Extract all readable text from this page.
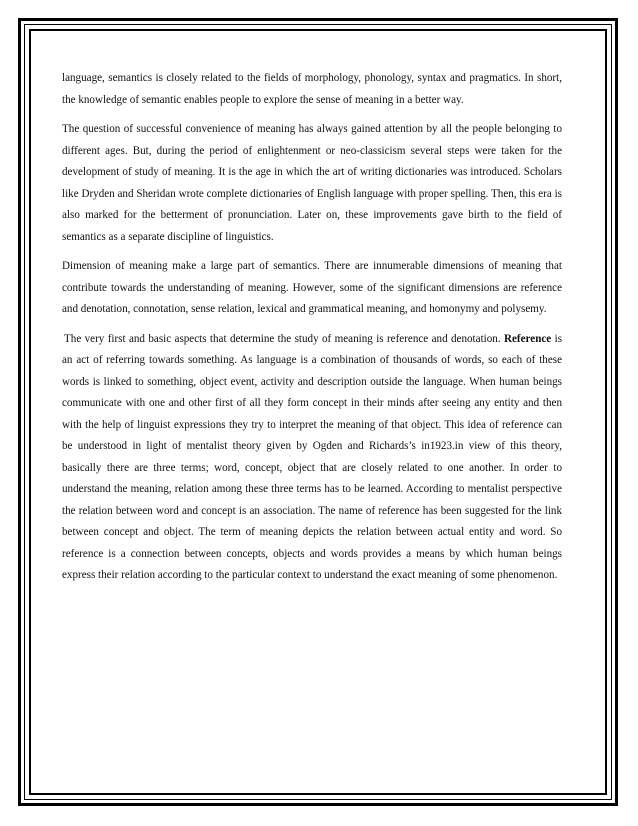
language, semantics is closely related to the fields of morphology, phonology, syntax and pragmatics. In short, the knowledge of semantic enables people to explore the sense of meaning in a better way.

The question of successful convenience of meaning has always gained attention by all the people belonging to different ages. But, during the period of enlightenment or neo-classicism several steps were taken for the development of study of meaning. It is the age in which the art of writing dictionaries was introduced. Scholars like Dryden and Sheridan wrote complete dictionaries of English language with proper spelling. Then, this era is also marked for the betterment of pronunciation. Later on, these improvements gave birth to the field of semantics as a separate discipline of linguistics.

Dimension of meaning make a large part of semantics. There are innumerable dimensions of meaning that contribute towards the understanding of meaning. However, some of the significant dimensions are reference and denotation, connotation, sense relation, lexical and grammatical meaning, and homonymy and polysemy.

The very first and basic aspects that determine the study of meaning is reference and denotation. Reference is an act of referring towards something. As language is a combination of thousands of words, so each of these words is linked to something, object event, activity and description outside the language. When human beings communicate with one and other first of all they form concept in their minds after seeing any entity and then with the help of linguist expressions they try to interpret the meaning of that object. This idea of reference can be understood in light of mentalist theory given by Ogden and Richards’s in1923.in view of this theory, basically there are three terms; word, concept, object that are closely related to one another. In order to understand the meaning, relation among these three terms has to be learned. According to mentalist perspective the relation between word and concept is an association. The name of reference has been suggested for the link between concept and object. The term of meaning depicts the relation between actual entity and word. So reference is a connection between concepts, objects and words provides a means by which human beings express their relation according to the particular context to understand the exact meaning of some phenomenon.
